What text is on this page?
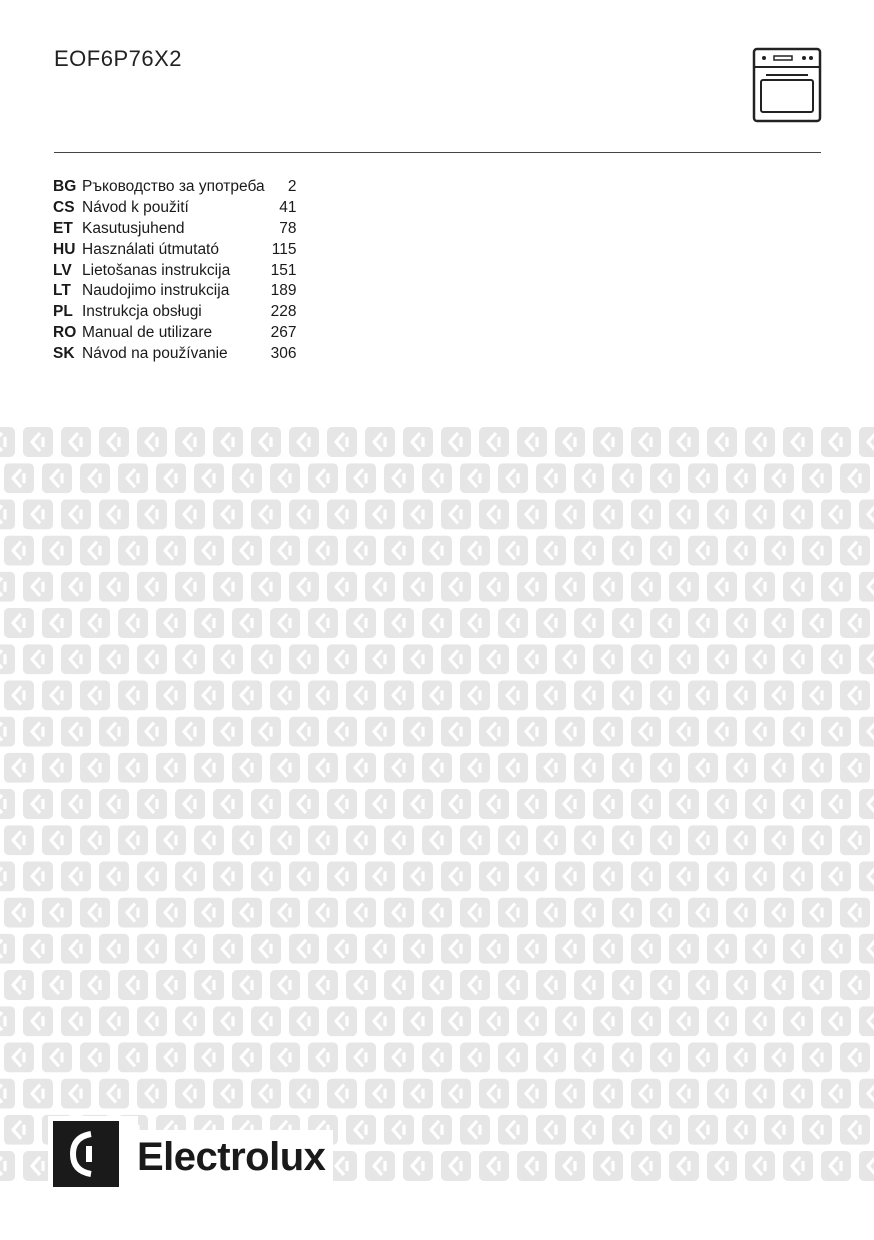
EOF6P76X2
BG	Ръководство за употреба	2
CS	Návod k použití	41
ET	Kasutusjuhend	78
HU	Használati útmutató	115
LV	Lietošanas instrukcija	151
LT	Naudojimo instrukcija	189
PL	Instrukcja obsługi	228
RO	Manual de utilizare	267
SK	Návod na používanie	306
Electrolux
